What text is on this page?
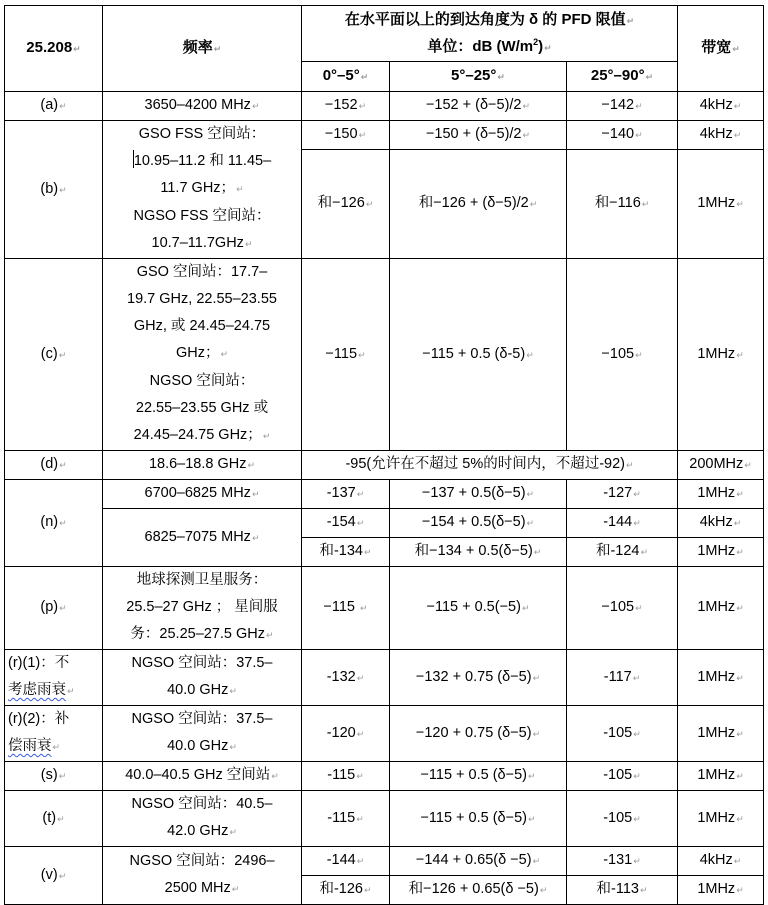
25.208↵	频率↵	在水平面以上的到达角度为 δ 的 PFD 限值↵
单位：dB $(W/m^2)↵$			带宽↵
		0°–5°↵	5°–25°↵	25°–90°↵	
(a)↵	3650–4200 MHz↵	−152↵	−152 + (δ−5)/2↵	−142↵	4kHz↵
(b)↵	GSO FSS 空间站：
10.95–11.2 和 11.45–
11.7 GHz；↵
NGSO FSS 空间站：
10.7–11.7GHz↵	−150↵	−150 + (δ−5)/2↵	−140↵	4kHz↵
		和−126↵	和−126 + (δ−5)/2↵	和−116↵	1MHz↵
(c)↵	GSO 空间站：17.7–
19.7 GHz, 22.55–23.55
GHz, 或 24.45–24.75
GHz；↵
NGSO 空间站：
22.55–23.55 GHz 或
24.45–24.75 GHz；↵	−115↵	−115 + 0.5 (δ-5)↵	−105↵	1MHz↵
(d)↵	18.6–18.8 GHz↵	-95(允许在不超过 5%的时间内，不超过-92)↵			200MHz↵
(n)↵	6700–6825 MHz↵	-137↵	−137 + 0.5(δ−5)↵	-127↵	1MHz↵
	6825–7075 MHz↵	-154↵	−154 + 0.5(δ−5)↵	-144↵	4kHz↵
		和-134↵	和−134 + 0.5(δ−5)↵	和-124↵	1MHz↵
(p)↵	地球探测卫星服务：
25.5–27 GHz ； 星间服
务：25.25–27.5 GHz↵	−115 ↵	−115 + 0.5(−5)↵	−105↵	1MHz↵
(r)(1)：不
考虑雨衰↵	NGSO 空间站：37.5–
40.0 GHz↵	-132↵	−132 + 0.75 (δ−5)↵	-117↵	1MHz↵
(r)(2)：补
偿雨衰↵	NGSO 空间站：37.5–
40.0 GHz↵	-120↵	−120 + 0.75 (δ−5)↵	-105↵	1MHz↵
(s)↵	40.0–40.5 GHz 空间站↵	-115↵	−115 + 0.5 (δ−5)↵	-105↵	1MHz↵
(t)↵	NGSO 空间站：40.5–
42.0 GHz↵	-115↵	−115 + 0.5 (δ−5)↵	-105↵	1MHz↵
(v)↵	NGSO 空间站：2496–
2500 MHz↵	-144↵	−144 + 0.65(δ −5)↵	-131↵	4kHz↵
		和-126↵	和−126 + 0.65(δ −5)↵	和-113↵	1MHz↵
